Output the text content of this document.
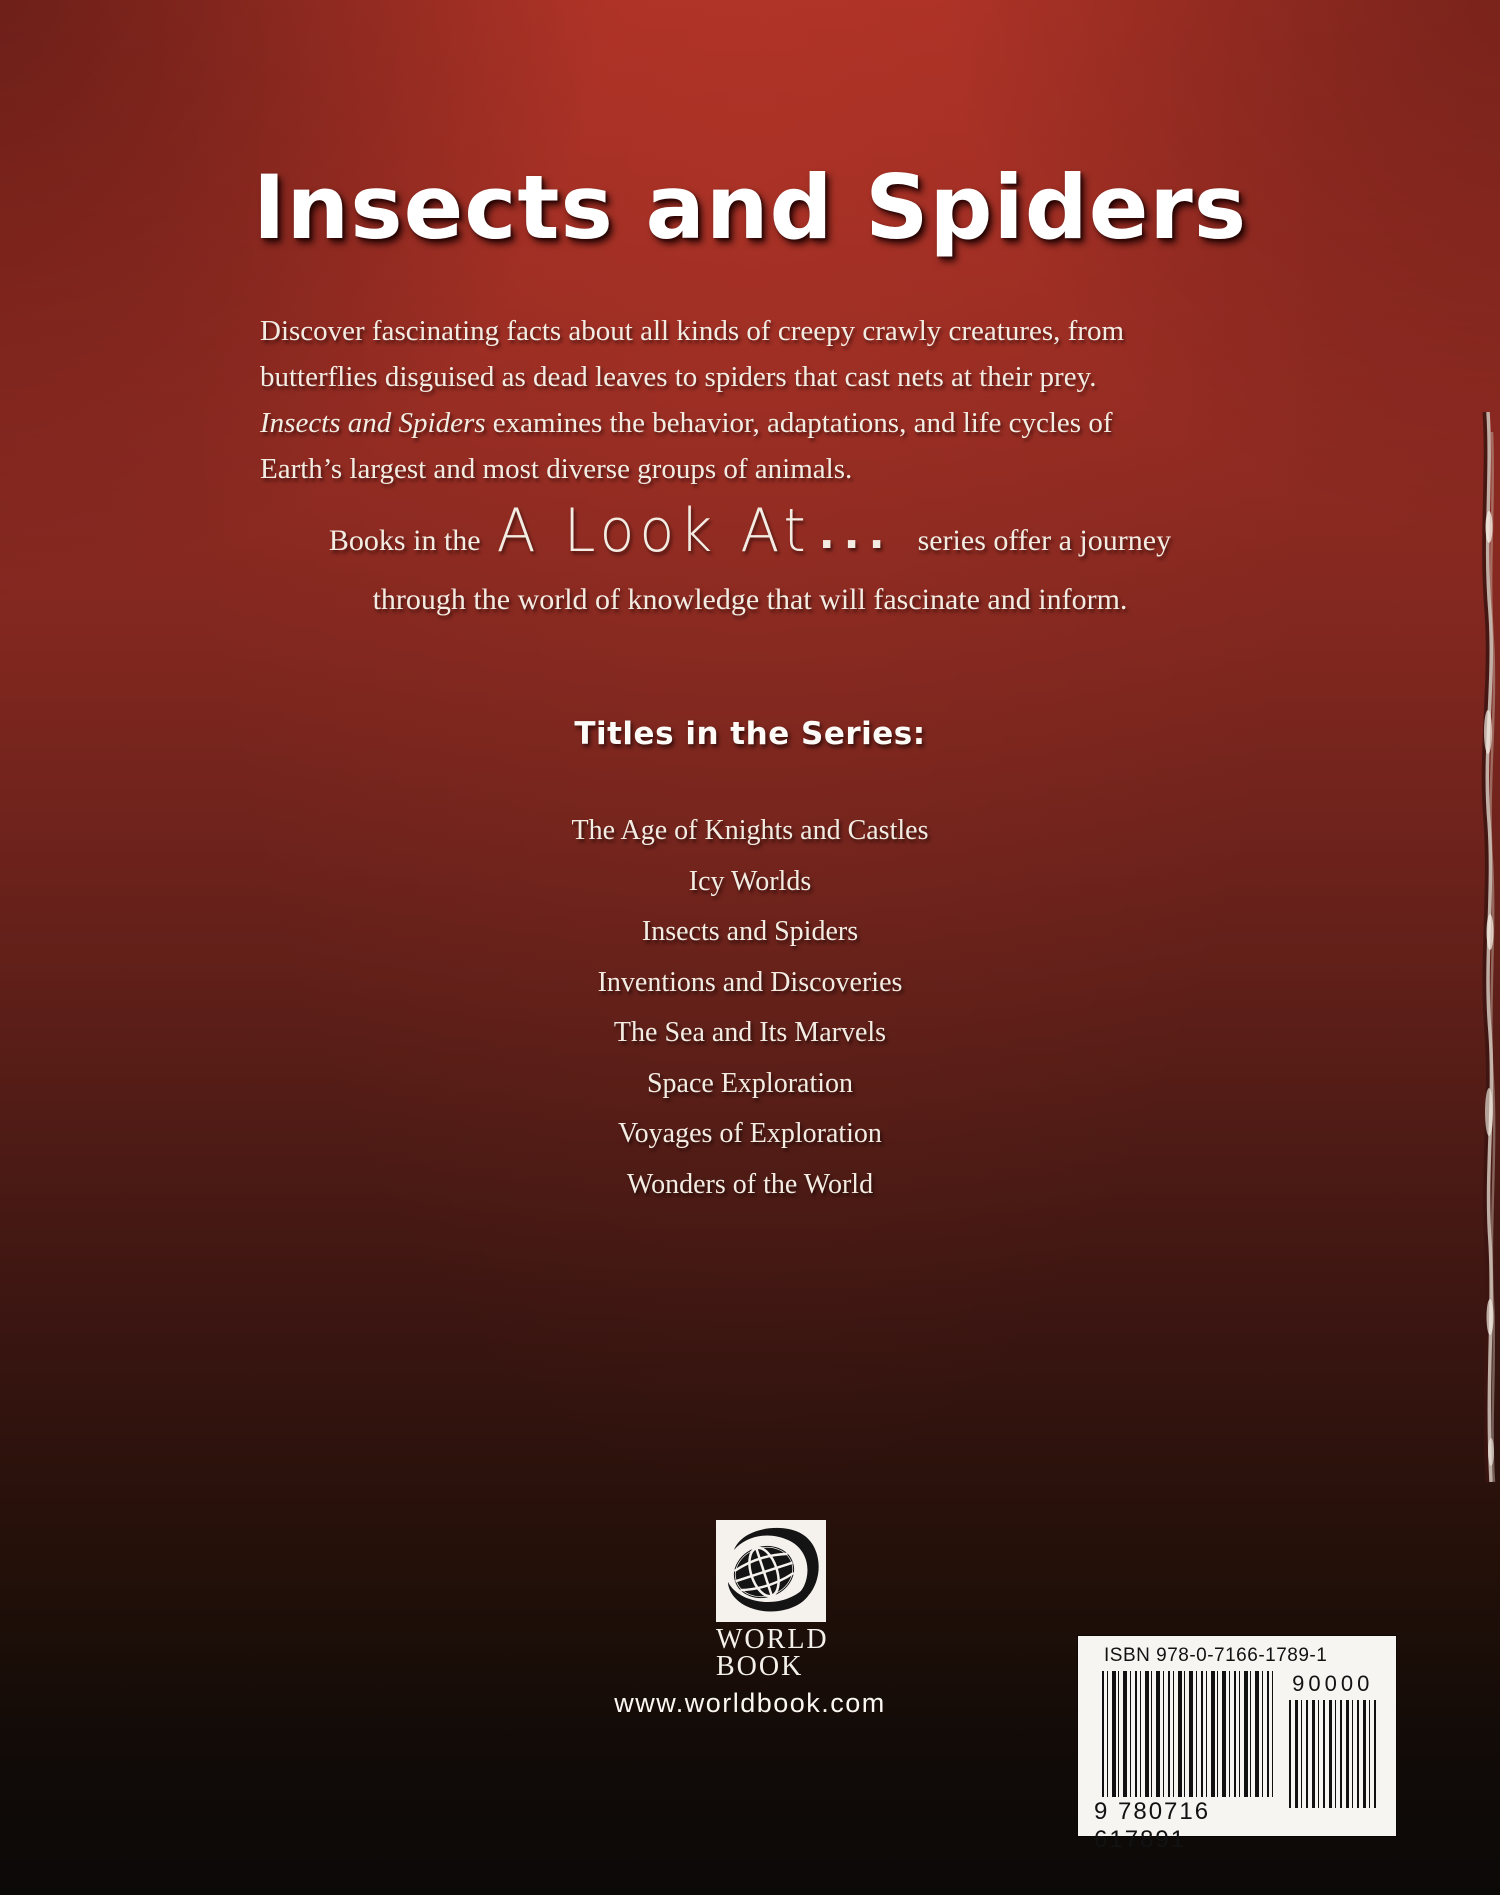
Insects and Spiders
Discover fascinating facts about all kinds of creepy crawly creatures, from
butterflies disguised as dead leaves to spiders that cast nets at their prey.
Insects and Spiders examines the behavior, adaptations, and life cycles of
Earth’s largest and most diverse groups of animals.
Books in the A Look At ... series offer a journey
through the world of knowledge that will fascinate and inform.
Titles in the Series:
The Age of Knights and Castles
Icy Worlds
Insects and Spiders
Inventions and Discoveries
The Sea and Its Marvels
Space Exploration
Voyages of Exploration
Wonders of the World
WORLD
BOOK
www.worldbook.com
ISBN 978-0-7166-1789-1
9 780716 617891
90000
